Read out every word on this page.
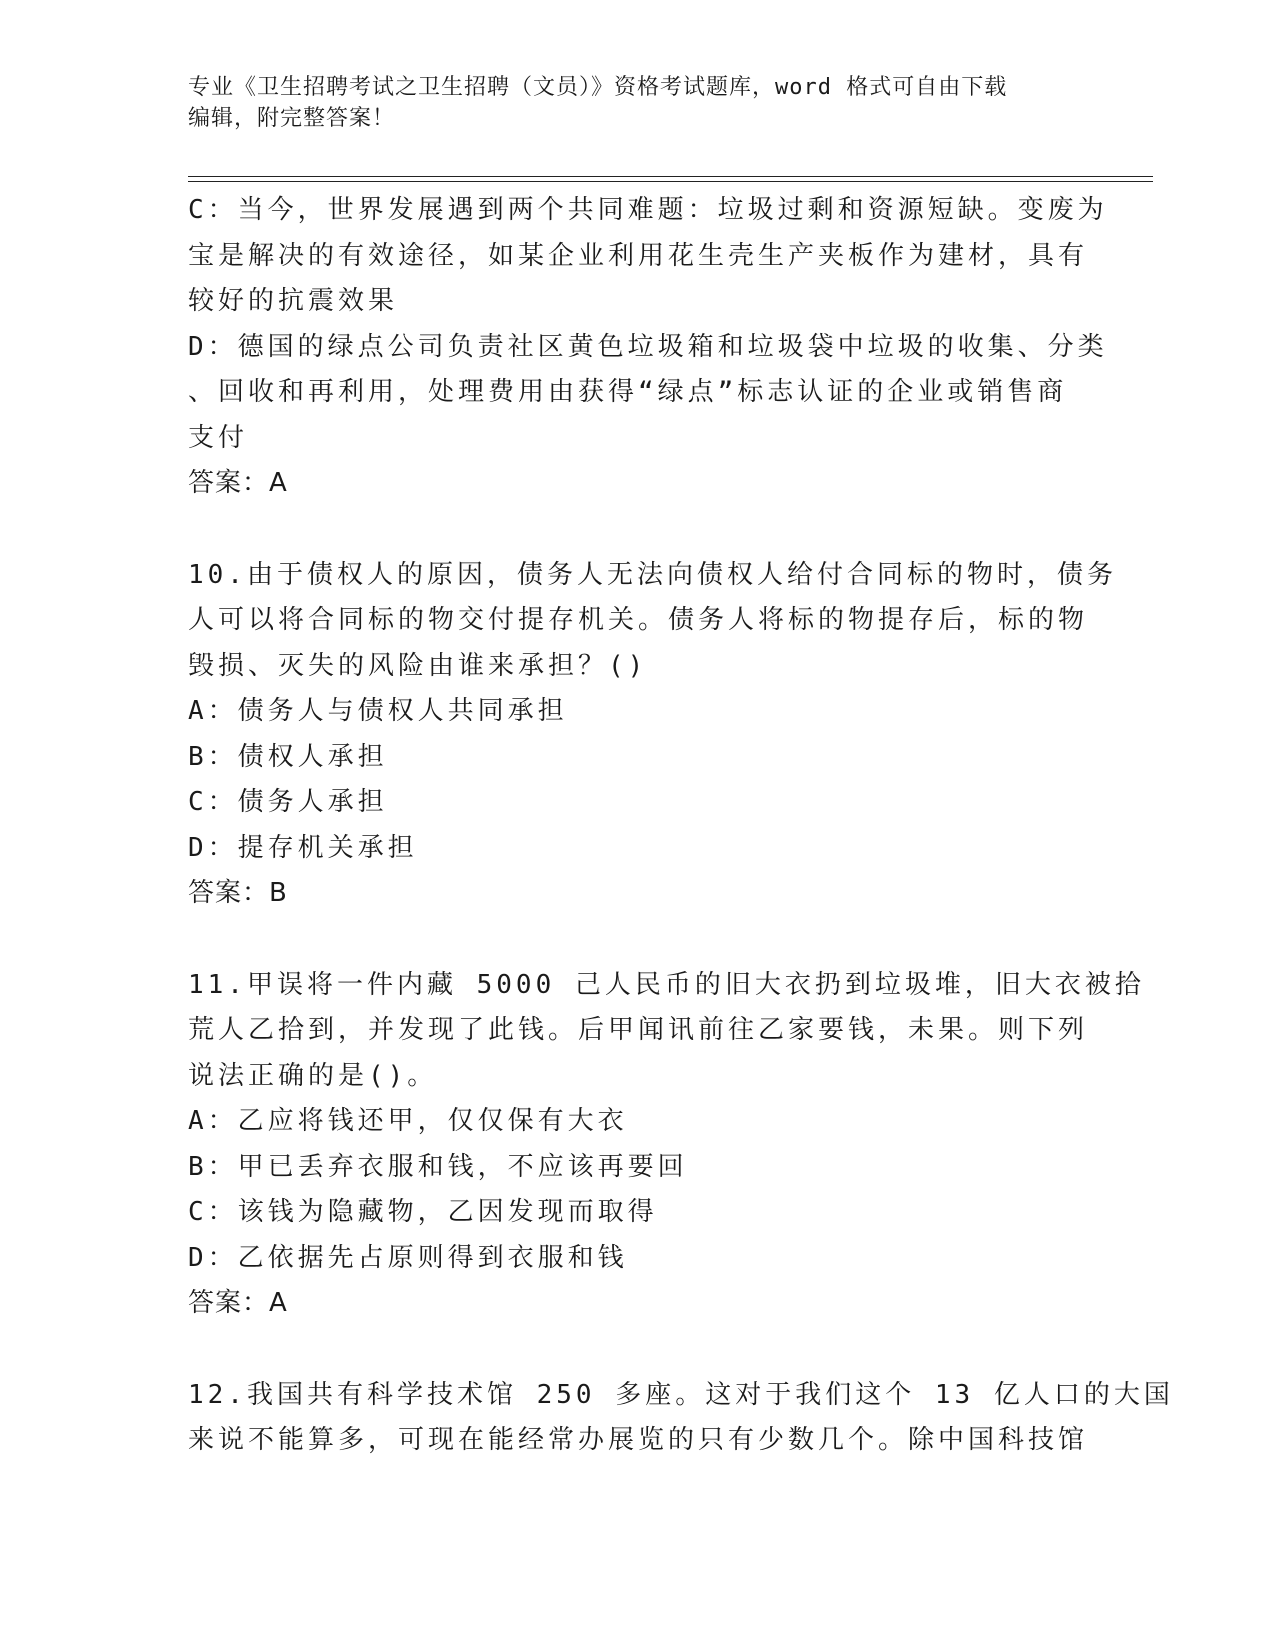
专业《卫生招聘考试之卫生招聘（文员）》资格考试题库，word 格式可自由下载
编辑，附完整答案！
C：当今，世界发展遇到两个共同难题：垃圾过剩和资源短缺。变废为
宝是解决的有效途径，如某企业利用花生壳生产夹板作为建材，具有
较好的抗震效果
D：德国的绿点公司负责社区黄色垃圾箱和垃圾袋中垃圾的收集、分类
、回收和再利用，处理费用由获得“绿点”标志认证的企业或销售商
支付
答案：A
10.由于债权人的原因，债务人无法向债权人给付合同标的物时，债务
人可以将合同标的物交付提存机关。债务人将标的物提存后，标的物
毁损、灭失的风险由谁来承担？()
A：债务人与债权人共同承担
B：债权人承担
C：债务人承担
D：提存机关承担
答案：B
11.甲误将一件内藏 5000 己人民币的旧大衣扔到垃圾堆，旧大衣被拾
荒人乙拾到，并发现了此钱。后甲闻讯前往乙家要钱，未果。则下列
说法正确的是()。
A：乙应将钱还甲，仅仅保有大衣
B：甲已丢弃衣服和钱，不应该再要回
C：该钱为隐藏物，乙因发现而取得
D：乙依据先占原则得到衣服和钱
答案：A
12.我国共有科学技术馆 250 多座。这对于我们这个 13 亿人口的大国
来说不能算多，可现在能经常办展览的只有少数几个。除中国科技馆
